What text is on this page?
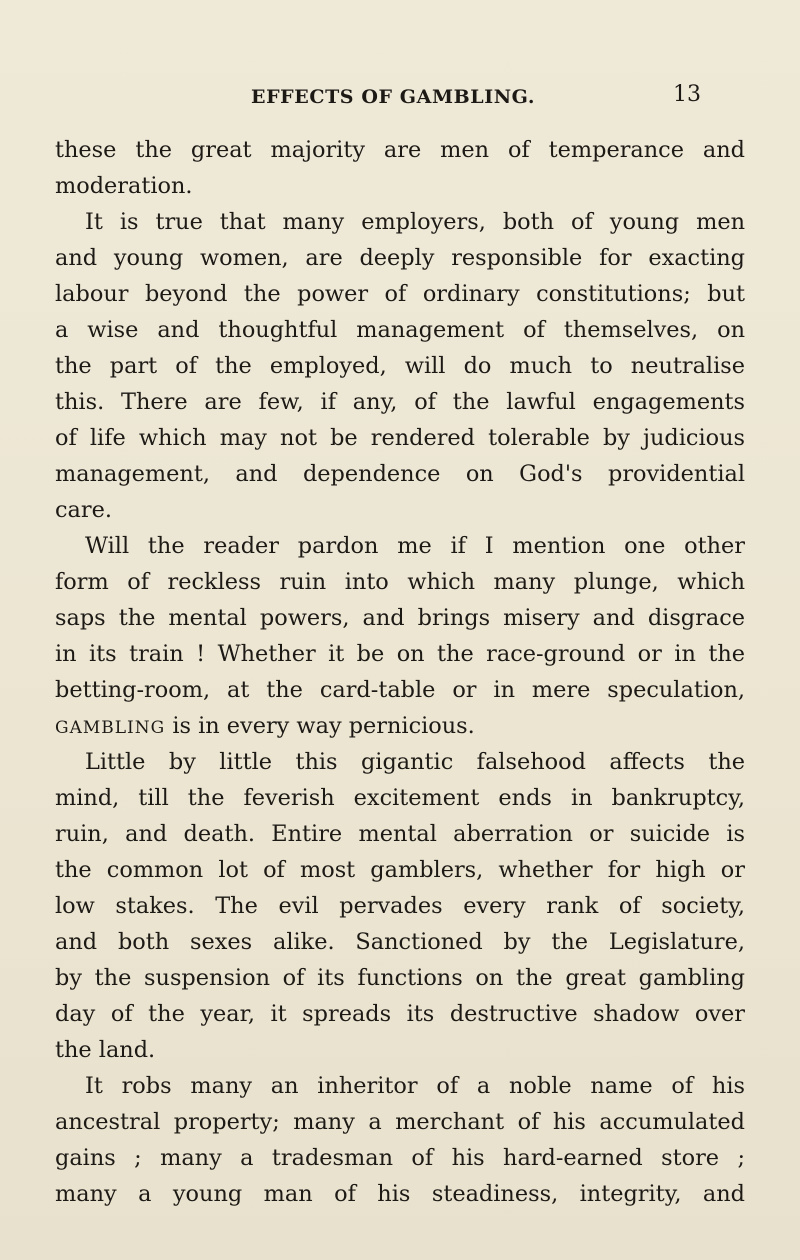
EFFECTS OF GAMBLING.	13
these the great majority are men of temperance and
moderation.
It is true that many employers, both of young men
and young women, are deeply responsible for exacting
labour beyond the power of ordinary constitutions; but
a wise and thoughtful management of themselves, on
the part of the employed, will do much to neutralise
this. There are few, if any, of the lawful engagements
of life which may not be rendered tolerable by judicious
management, and dependence on God's providential
care.
Will the reader pardon me if I mention one other
form of reckless ruin into which many plunge, which
saps the mental powers, and brings misery and disgrace
in its train ! Whether it be on the race-ground or in the
betting-room, at the card-table or in mere speculation,
GAMBLING is in every way pernicious.
Little by little this gigantic falsehood affects the
mind, till the feverish excitement ends in bankruptcy,
ruin, and death. Entire mental aberration or suicide is
the common lot of most gamblers, whether for high or
low stakes. The evil pervades every rank of society,
and both sexes alike. Sanctioned by the Legislature,
by the suspension of its functions on the great gambling
day of the year, it spreads its destructive shadow over
the land.
It robs many an inheritor of a noble name of his
ancestral property; many a merchant of his accumulated
gains ; many a tradesman of his hard-earned store ;
many a young man of his steadiness, integrity, and
